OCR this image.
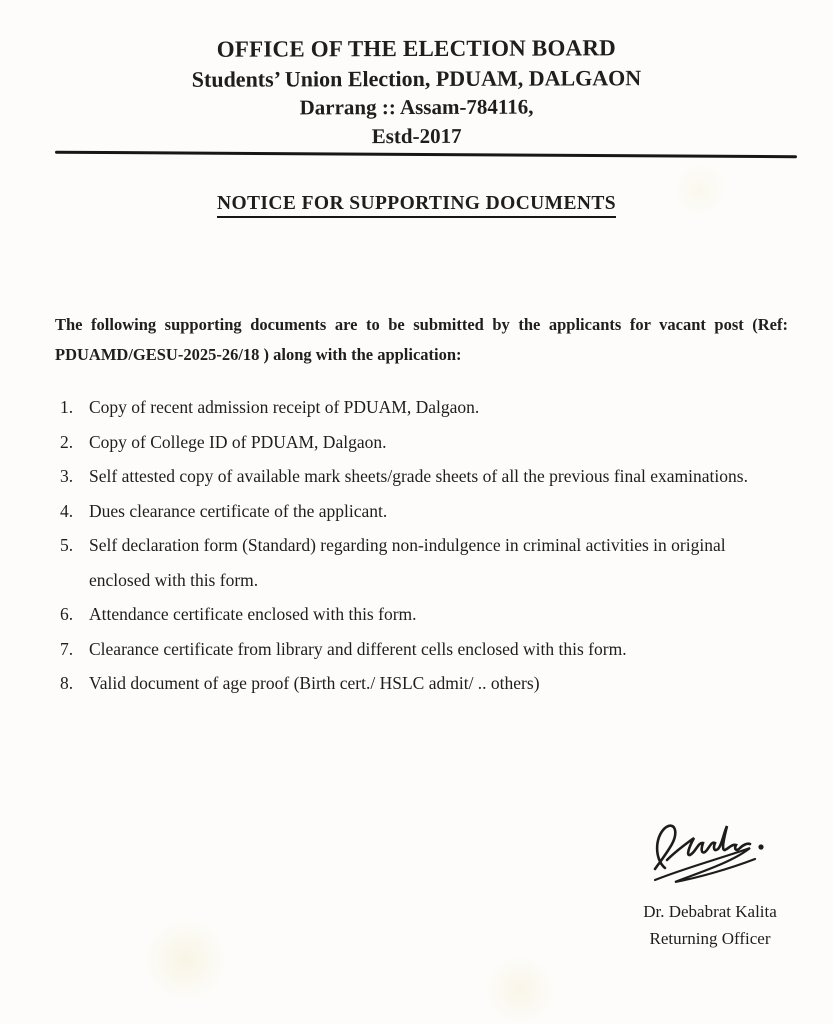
OFFICE OF THE ELECTION BOARD
Students’ Union Election, PDUAM, DALGAON
Darrang :: Assam-784116,
Estd-2017
NOTICE FOR SUPPORTING DOCUMENTS
The following supporting documents are to be submitted by the applicants for vacant post (Ref: PDUAMD/GESU-2025-26/18 ) along with the application:
1. Copy of recent admission receipt of PDUAM, Dalgaon.
2. Copy of College ID of PDUAM, Dalgaon.
3. Self attested copy of available mark sheets/grade sheets of all the previous final examinations.
4. Dues clearance certificate of the applicant.
5. Self declaration form (Standard) regarding non-indulgence in criminal activities in original enclosed with this form.
6. Attendance certificate enclosed with this form.
7. Clearance certificate from library and different cells enclosed with this form.
8. Valid document of age proof (Birth cert./ HSLC admit/ .. others)
Dr. Debabrat Kalita
Returning Officer
